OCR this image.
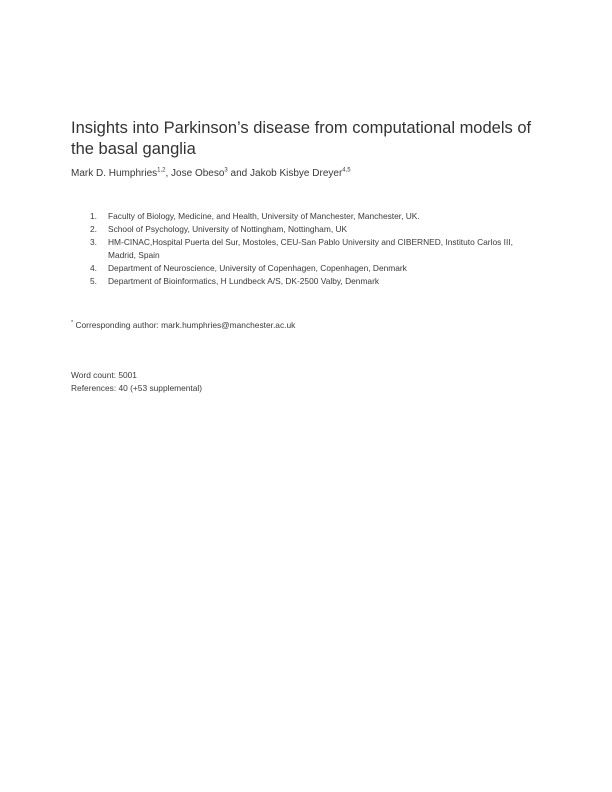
Insights into Parkinson’s disease from computational models of the basal ganglia
Mark D. Humphries$^{1,2}$, Jose Obeso$^3$ and Jakob Kisbye Dreyer$^{4,5}$
1. Faculty of Biology, Medicine, and Health, University of Manchester, Manchester, UK.
2. School of Psychology, University of Nottingham, Nottingham, UK
3. HM-CINAC,Hospital Puerta del Sur, Mostoles, CEU-San Pablo University and CIBERNED, Instituto Carlos III, Madrid, Spain
4. Department of Neuroscience, University of Copenhagen, Copenhagen, Denmark
5. Department of Bioinformatics, H Lundbeck A/S, DK-2500 Valby, Denmark
* Corresponding author: mark.humphries@manchester.ac.uk
Word count: 5001
References: 40 (+53 supplemental)
